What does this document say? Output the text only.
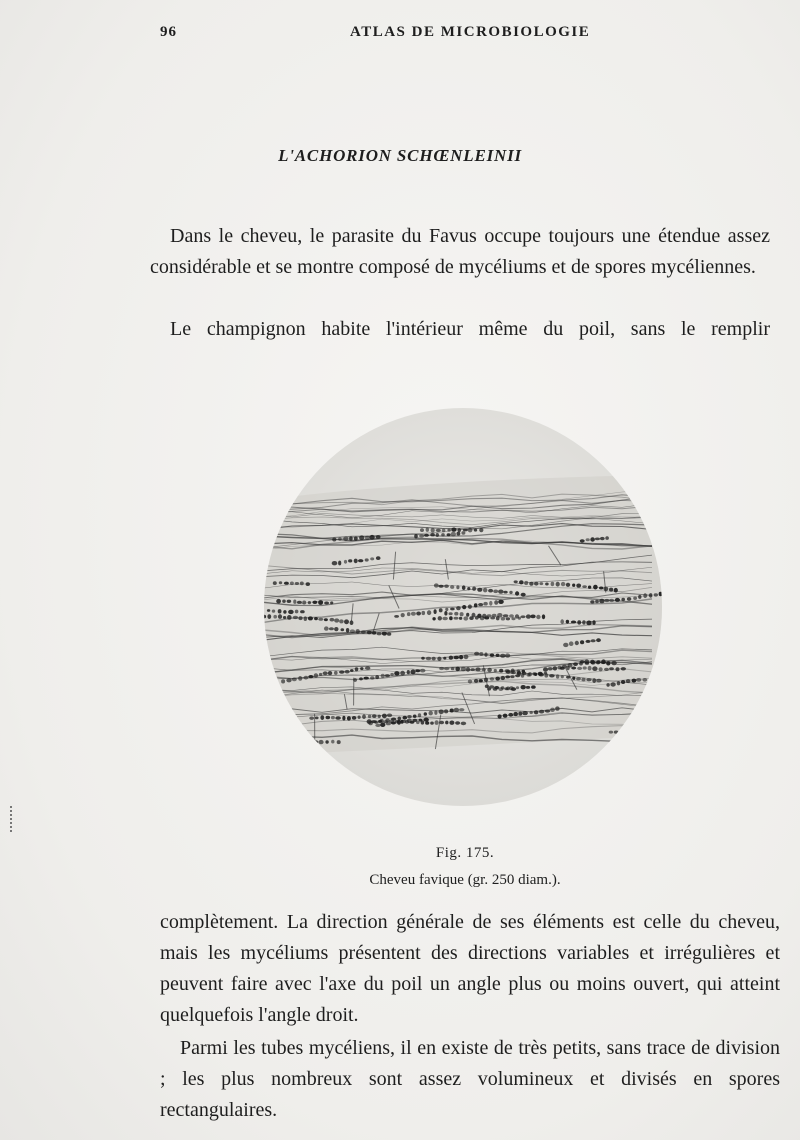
96	ATLAS DE MICROBIOLOGIE
L'ACHORION SCHŒNLEINII

Dans le cheveu, le parasite du Favus occupe toujours une étendue assez considérable et se montre composé de mycéliums et de spores mycéliennes.

Le champignon habite l'intérieur même du poil, sans le remplir

Fig. 175.
Cheveu favique (gr. 250 diam.).

complètement. La direction générale de ses éléments est celle du cheveu, mais les mycéliums présentent des directions variables et irrégulières et peuvent faire avec l'axe du poil un angle plus ou moins ouvert, qui atteint quelquefois l'angle droit.

Parmi les tubes mycéliens, il en existe de très petits, sans trace de division ; les plus nombreux sont assez volumineux et divisés en spores rectangulaires.
